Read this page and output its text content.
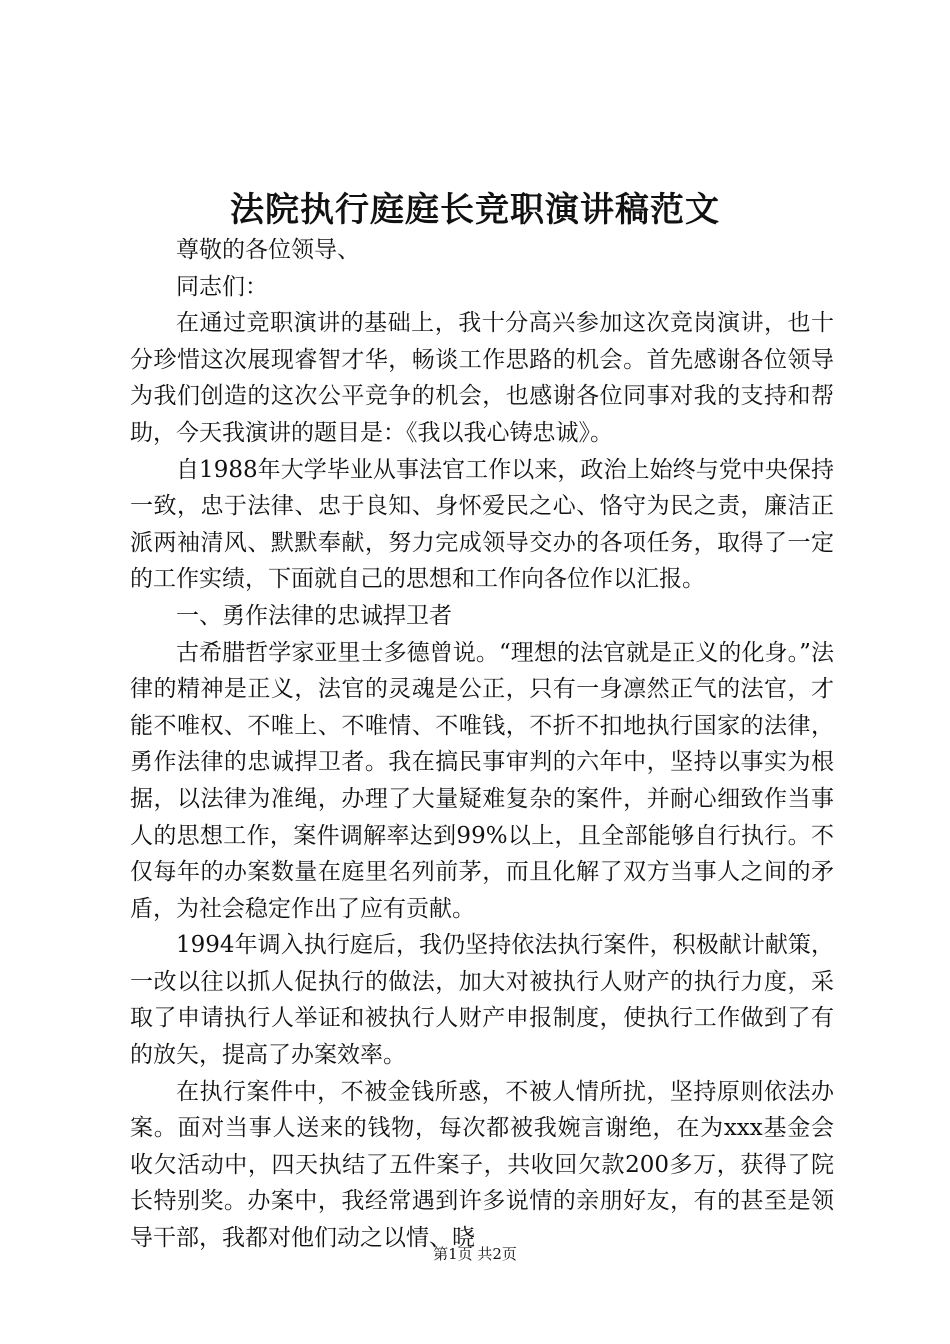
法院执行庭庭长竞职演讲稿范文

尊敬的各位领导、

同志们：

在通过竞职演讲的基础上，我十分高兴参加这次竞岗演讲，也十分珍惜这次展现睿智才华，畅谈工作思路的机会。首先感谢各位领导为我们创造的这次公平竞争的机会，也感谢各位同事对我的支持和帮助，今天我演讲的题目是：《我以我心铸忠诚》。

自1988年大学毕业从事法官工作以来，政治上始终与党中央保持一致，忠于法律、忠于良知、身怀爱民之心、恪守为民之责，廉洁正派两袖清风、默默奉献，努力完成领导交办的各项任务，取得了一定的工作实绩，下面就自己的思想和工作向各位作以汇报。

一、勇作法律的忠诚捍卫者

古希腊哲学家亚里士多德曾说。“理想的法官就是正义的化身。”法律的精神是正义，法官的灵魂是公正，只有一身凛然正气的法官，才能不唯权、不唯上、不唯情、不唯钱，不折不扣地执行国家的法律，勇作法律的忠诚捍卫者。我在搞民事审判的六年中，坚持以事实为根据，以法律为准绳，办理了大量疑难复杂的案件，并耐心细致作当事人的思想工作，案件调解率达到99%以上，且全部能够自行执行。不仅每年的办案数量在庭里名列前茅，而且化解了双方当事人之间的矛盾，为社会稳定作出了应有贡献。

1994年调入执行庭后，我仍坚持依法执行案件，积极献计献策，一改以往以抓人促执行的做法，加大对被执行人财产的执行力度，采取了申请执行人举证和被执行人财产申报制度，使执行工作做到了有的放矢，提高了办案效率。

在执行案件中，不被金钱所惑，不被人情所扰，坚持原则依法办案。面对当事人送来的钱物，每次都被我婉言谢绝，在为xxx基金会收欠活动中，四天执结了五件案子，共收回欠款200多万，获得了院长特别奖。办案中，我经常遇到许多说情的亲朋好友，有的甚至是领导干部，我都对他们动之以情、晓

第1页 共2页
